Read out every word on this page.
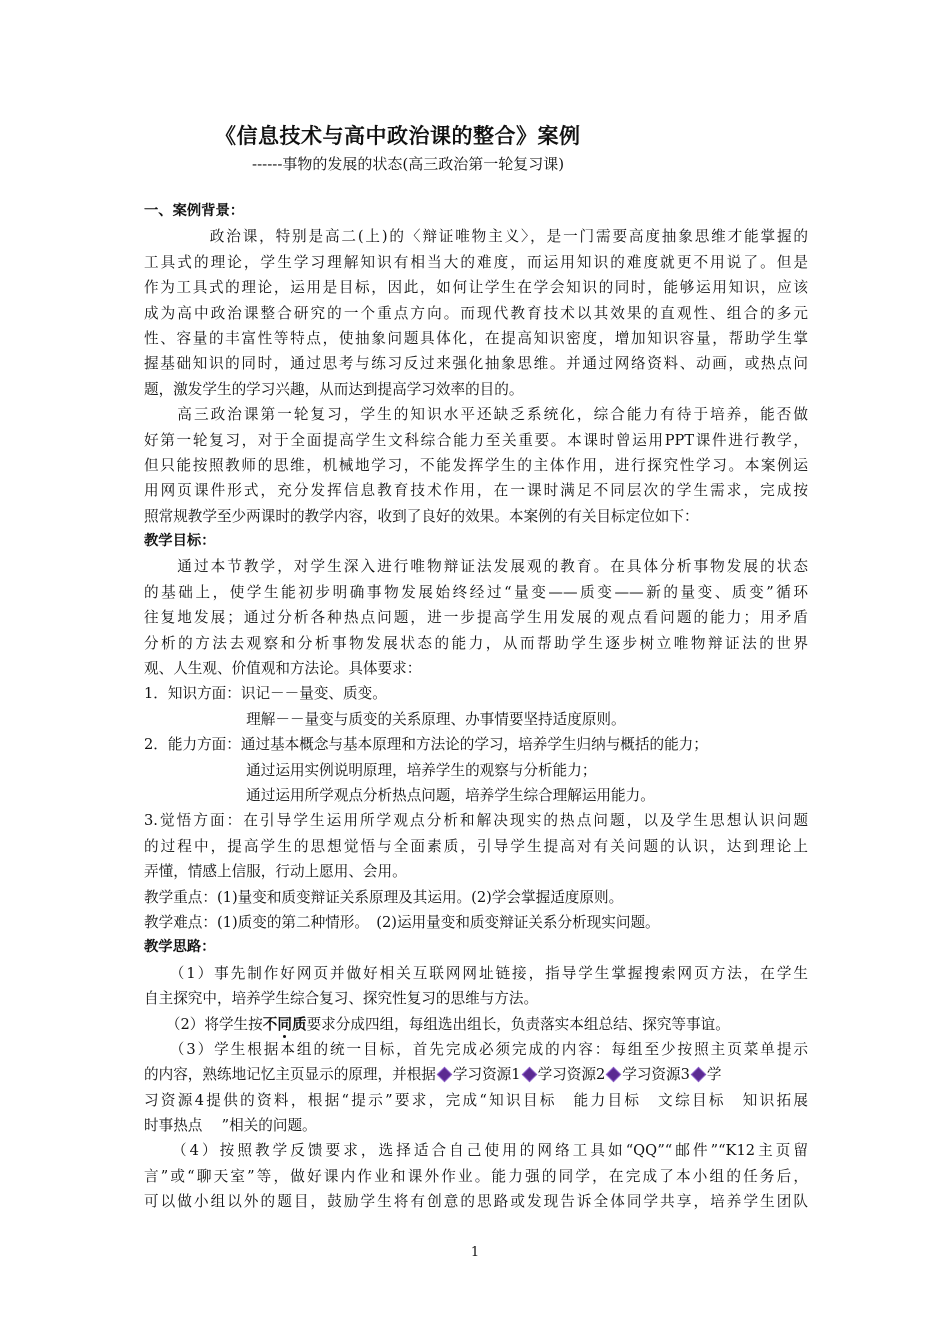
《信息技术与高中政治课的整合》案例
------事物的发展的状态(高三政治第一轮复习课)
一、案例背景：
　　　　政治课，特别是高二(上)的〈辩证唯物主义〉，是一门需要高度抽象思维才能掌握的
工具式的理论，学生学习理解知识有相当大的难度，而运用知识的难度就更不用说了。但是
作为工具式的理论，运用是目标，因此，如何让学生在学会知识的同时，能够运用知识，应该
成为高中政治课整合研究的一个重点方向。而现代教育技术以其效果的直观性、组合的多元
性、容量的丰富性等特点，使抽象问题具体化，在提高知识密度，增加知识容量，帮助学生掌
握基础知识的同时，通过思考与练习反过来强化抽象思维。并通过网络资料、动画，或热点问
题，激发学生的学习兴趣，从而达到提高学习效率的目的。
　　高三政治课第一轮复习，学生的知识水平还缺乏系统化，综合能力有待于培养，能否做
好第一轮复习，对于全面提高学生文科综合能力至关重要。本课时曾运用PPT课件进行教学，
但只能按照教师的思维，机械地学习，不能发挥学生的主体作用，进行探究性学习。本案例运
用网页课件形式，充分发挥信息教育技术作用，在一课时满足不同层次的学生需求，完成按
照常规教学至少两课时的教学内容，收到了良好的效果。本案例的有关目标定位如下：
教学目标：
　　通过本节教学，对学生深入进行唯物辩证法发展观的教育。在具体分析事物发展的状态
的基础上，使学生能初步明确事物发展始终经过“量变——质变——新的量变、质变”循环
往复地发展；通过分析各种热点问题，进一步提高学生用发展的观点看问题的能力；用矛盾
分析的方法去观察和分析事物发展状态的能力，从而帮助学生逐步树立唯物辩证法的世界
观、人生观、价值观和方法论。具体要求：
1．知识方面：识记－－量变、质变。
　　　　　　　理解－－量变与质变的关系原理、办事情要坚持适度原则。
2．能力方面：通过基本概念与基本原理和方法论的学习，培养学生归纳与概括的能力；
　　　　　　　通过运用实例说明原理，培养学生的观察与分析能力；
　　　　　　　通过运用所学观点分析热点问题，培养学生综合理解运用能力。
3.觉悟方面：在引导学生运用所学观点分析和解决现实的热点问题，以及学生思想认识问题
的过程中，提高学生的思想觉悟与全面素质，引导学生提高对有关问题的认识，达到理论上
弄懂，情感上信服，行动上愿用、会用。
教学重点：(1)量变和质变辩证关系原理及其运用。(2)学会掌握适度原则。
教学难点：(1)质变的第二种情形。　(2)运用量变和质变辩证关系分析现实问题。
教学思路：
　　（1）事先制作好网页并做好相关互联网网址链接，指导学生掌握搜索网页方法，在学生
自主探究中，培养学生综合复习、探究性复习的思维与方法。
　　（2）将学生按不同质要求分成四组，每组选出组长，负责落实本组总结、探究等事谊。
　　（3）学生根据本组的统一目标，首先完成必须完成的内容：每组至少按照主页菜单提示
的内容，熟练地记忆主页显示的原理，并根据 学习资源1 学习资源2 学习资源3 学
习资源4提供的资料，根据“提示”要求，完成“知识目标　能力目标　文综目标　知识拓展
时事热点　 ”相关的问题。
　　（4）按照教学反馈要求，选择适合自己使用的网络工具如“QQ”“邮件”“K12主页留
言”或“聊天室”等，做好课内作业和课外作业。能力强的同学，在完成了本小组的任务后，
可以做小组以外的题目，鼓励学生将有创意的思路或发现告诉全体同学共享，培养学生团队
1
